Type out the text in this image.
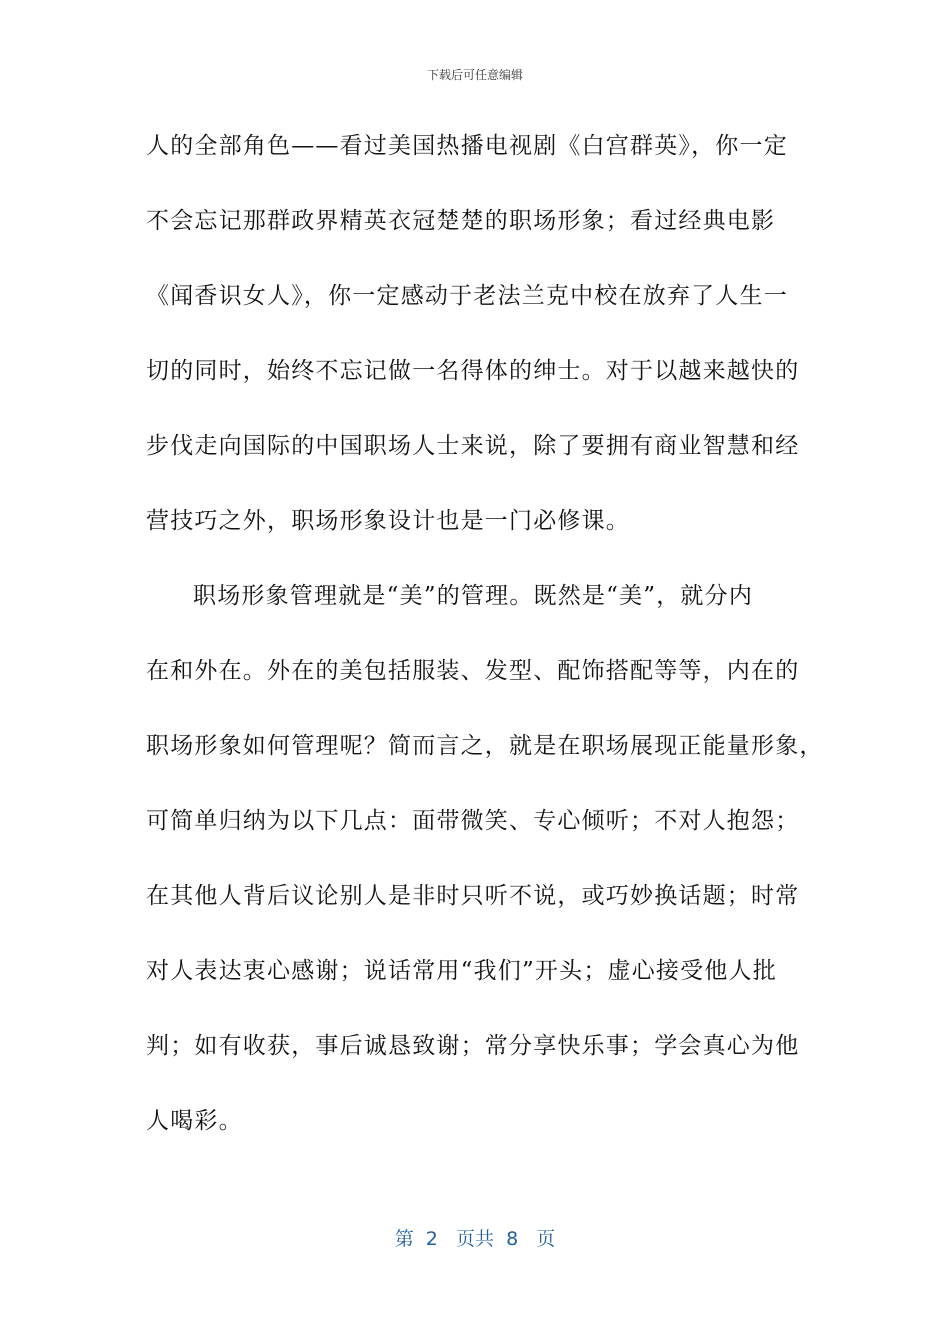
下载后可任意编辑
人的全部角色——看过美国热播电视剧《白宫群英》，你一定
不会忘记那群政界精英衣冠楚楚的职场形象；看过经典电影
《闻香识女人》，你一定感动于老法兰克中校在放弃了人生一
切的同时，始终不忘记做一名得体的绅士。对于以越来越快的
步伐走向国际的中国职场人士来说，除了要拥有商业智慧和经
营技巧之外，职场形象设计也是一门必修课。
职场形象管理就是“美”的管理。既然是“美”，就分内
在和外在。外在的美包括服装、发型、配饰搭配等等，内在的
职场形象如何管理呢？简而言之，就是在职场展现正能量形象，
可简单归纳为以下几点：面带微笑、专心倾听；不对人抱怨；
在其他人背后议论别人是非时只听不说，或巧妙换话题；时常
对人表达衷心感谢；说话常用“我们”开头；虚心接受他人批
判；如有收获，事后诚恳致谢；常分享快乐事；学会真心为他
人喝彩。
第  2   页共  8   页
